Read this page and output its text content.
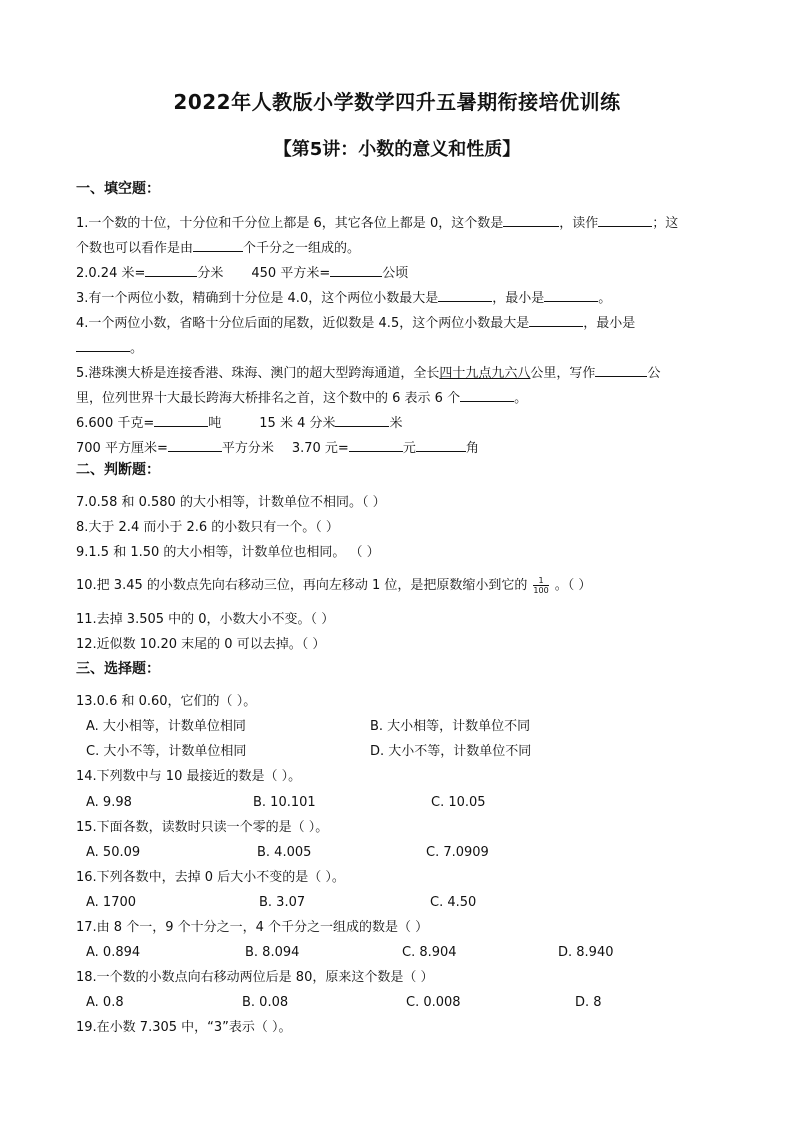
2022年人教版小学数学四升五暑期衔接培优训练
【第5讲：小数的意义和性质】
一、填空题：
1.一个数的十位，十分位和千分位上都是 6，其它各位上都是 0，这个数是	，读作	；这
个数也可以看作是由	个千分之一组成的。
2.0.24 米=	分米 450 平方米=	公顷
3.有一个两位小数，精确到十分位是 4.0，这个两位小数最大是	，最小是	。
4.一个两位小数，省略十分位后面的尾数，近似数是 4.5，这个两位小数最大是	，最小是
。
5.港珠澳大桥是连接香港、珠海、澳门的超大型跨海通道，全长四十九点九六八公里，写作	公
里，位列世界十大最长跨海大桥排名之首，这个数中的 6 表示 6 个	。
6.600 千克=	吨	15 米 4 分米	米
700 平方厘米=	平方分米 3.70 元=	元	角
二、判断题：
7.0.58 和 0.580 的大小相等，计数单位不相同。（ ）
8.大于 2.4 而小于 2.6 的小数只有一个。（ ）
9.1.5 和 1.50 的大小相等，计数单位也相同。 （ ）
10.把 3.45 的小数点先向右移动三位，再向左移动 1 位，是把原数缩小到它的 $\frac{1}{100}$ 。（ ）
11.去掉 3.505 中的 0，小数大小不变。（ ）
12.近似数 10.20 末尾的 0 可以去掉。（ ）
三、选择题：
13.0.6 和 0.60，它们的（ ）。
A. 大小相等，计数单位相同	B. 大小相等，计数单位不同
C. 大小不等，计数单位相同	D. 大小不等，计数单位不同
14.下列数中与 10 最接近的数是（ ）。
A. 9.98	B. 10.101	C. 10.05
15.下面各数，读数时只读一个零的是（ ）。
A. 50.09	B. 4.005	C. 7.0909
16.下列各数中，去掉 0 后大小不变的是（ ）。
A. 1700	B. 3.07	C. 4.50
17.由 8 个一，9 个十分之一，4 个千分之一组成的数是（ ）
A. 0.894	B. 8.094	C. 8.904	D. 8.940
18.一个数的小数点向右移动两位后是 80，原来这个数是（ ）
A. 0.8	B. 0.08	C. 0.008	D. 8
19.在小数 7.305 中，“3”表示（ ）。
